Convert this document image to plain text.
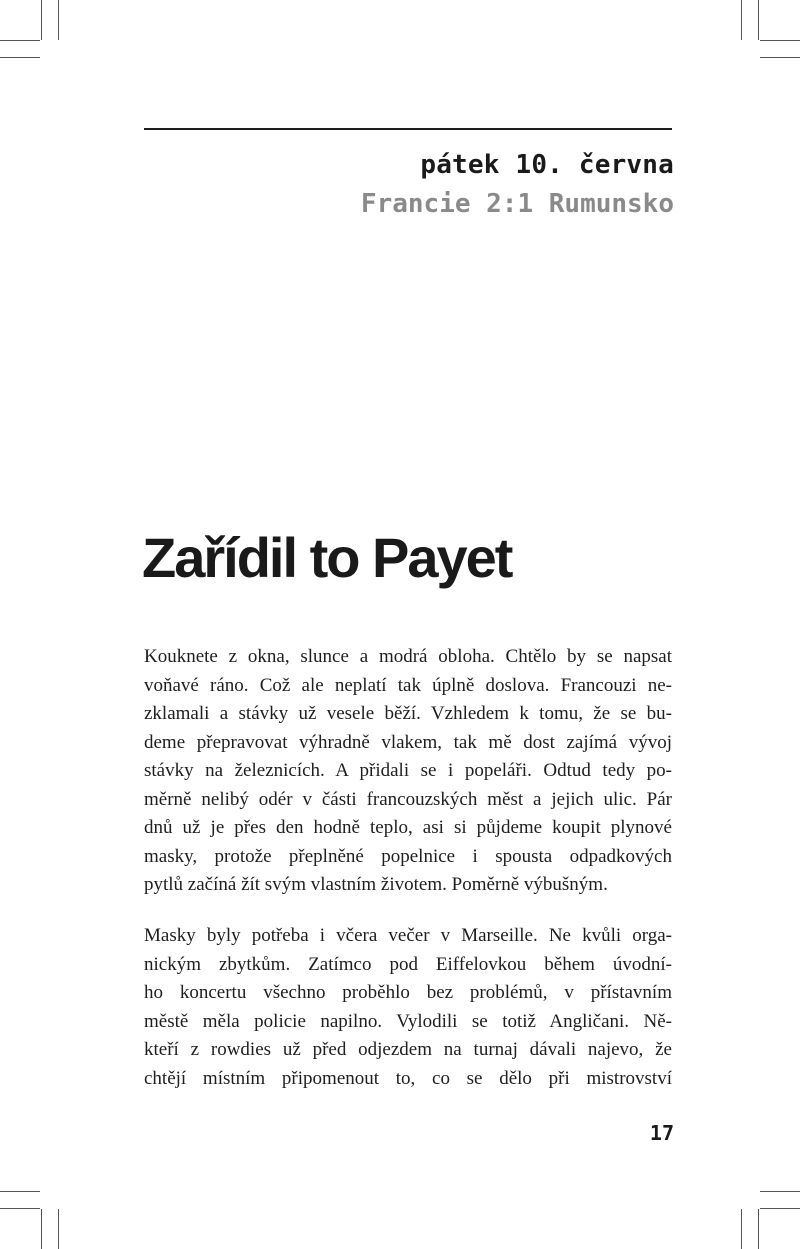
pátek 10. června
Francie 2:1 Rumunsko
Zařídil to Payet

Kouknete z okna, slunce a modrá obloha. Chtělo by se napsat
voňavé ráno. Což ale neplatí tak úplně doslova. Francouzi ne-
zklamali a stávky už vesele běží. Vzhledem k tomu, že se bu-
deme přepravovat výhradně vlakem, tak mě dost zajímá vývoj
stávky na železnicích. A přidali se i popeláři. Odtud tedy po-
měrně nelibý odér v části francouzských měst a jejich ulic. Pár
dnů už je přes den hodně teplo, asi si půjdeme koupit plynové
masky, protože přeplněné popelnice i spousta odpadkových
pytlů začíná žít svým vlastním životem. Poměrně výbušným.

Masky byly potřeba i včera večer v Marseille. Ne kvůli orga-
nickým zbytkům. Zatímco pod Eiffelovkou během úvodní-
ho koncertu všechno proběhlo bez problémů, v přístavním
městě měla policie napilno. Vylodili se totiž Angličani. Ně-
kteří z rowdies už před odjezdem na turnaj dávali najevo, že
chtějí místním připomenout to, co se dělo při mistrovství

17
